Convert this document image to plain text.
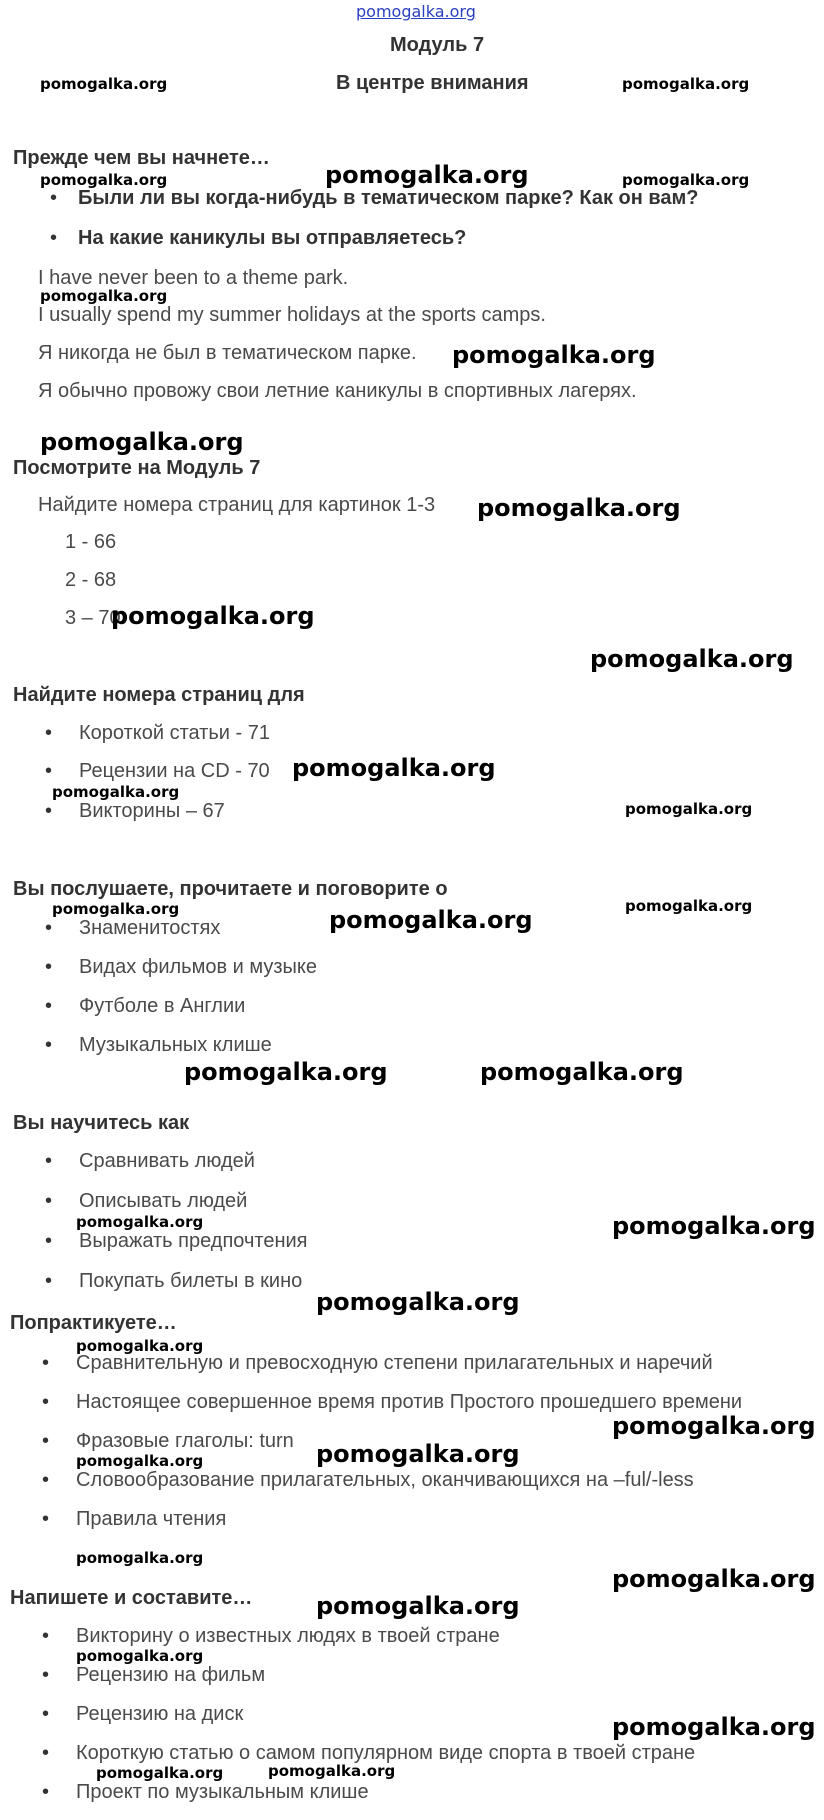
pomogalka.org
Модуль 7
В центре внимания
pomogalka.org	pomogalka.org
Прежде чем вы начнете…
pomogalka.org	pomogalka.org	pomogalka.org
•	Были ли вы когда-нибудь в тематическом парке? Как он вам?
•	На какие каникулы вы отправляетесь?
I have never been to a theme park.
pomogalka.org
I usually spend my summer holidays at the sports camps.
Я никогда не был в тематическом парке. pomogalka.org
Я обычно провожу свои летние каникулы в спортивных лагерях.
pomogalka.org
Посмотрите на Модуль 7
Найдите номера страниц для картинок 1-3 pomogalka.org
1 - 66
2 - 68
3 – 70
pomogalka.org
pomogalka.org
Найдите номера страниц для
•	Короткой статьи - 71
•	Рецензии на CD - 70 pomogalka.org
pomogalka.org
•	Викторины – 67	pomogalka.org
Вы послушаете, прочитаете и поговорите о
pomogalka.org	pomogalka.org
pomogalka.org
•	Знаменитостях
•	Видах фильмов и музыке
•	Футболе в Англии
•	Музыкальных клише
pomogalka.org	pomogalka.org
Вы научитесь как
•	Сравнивать людей
•	Описывать людей
pomogalka.org	pomogalka.org
•	Выражать предпочтения
•	Покупать билеты в кино
pomogalka.org
Попрактикуете…
pomogalka.org
•	Сравнительную и превосходную степени прилагательных и наречий
•	Настоящее совершенное время против Простого прошедшего времени
pomogalka.org
•	Фразовые глаголы: turn pomogalka.org
pomogalka.org
•	Словообразование прилагательных, оканчивающихся на –ful/-less
•	Правила чтения
pomogalka.org
pomogalka.org
Напишете и составите…	pomogalka.org
•	Викторину о известных людях в твоей стране
pomogalka.org
•	Рецензию на фильм
•	Рецензию на диск	pomogalka.org
•	Короткую статью о самом популярном виде спорта в твоей стране
pomogalka.org	pomogalka.org
•	Проект по музыкальным клише
